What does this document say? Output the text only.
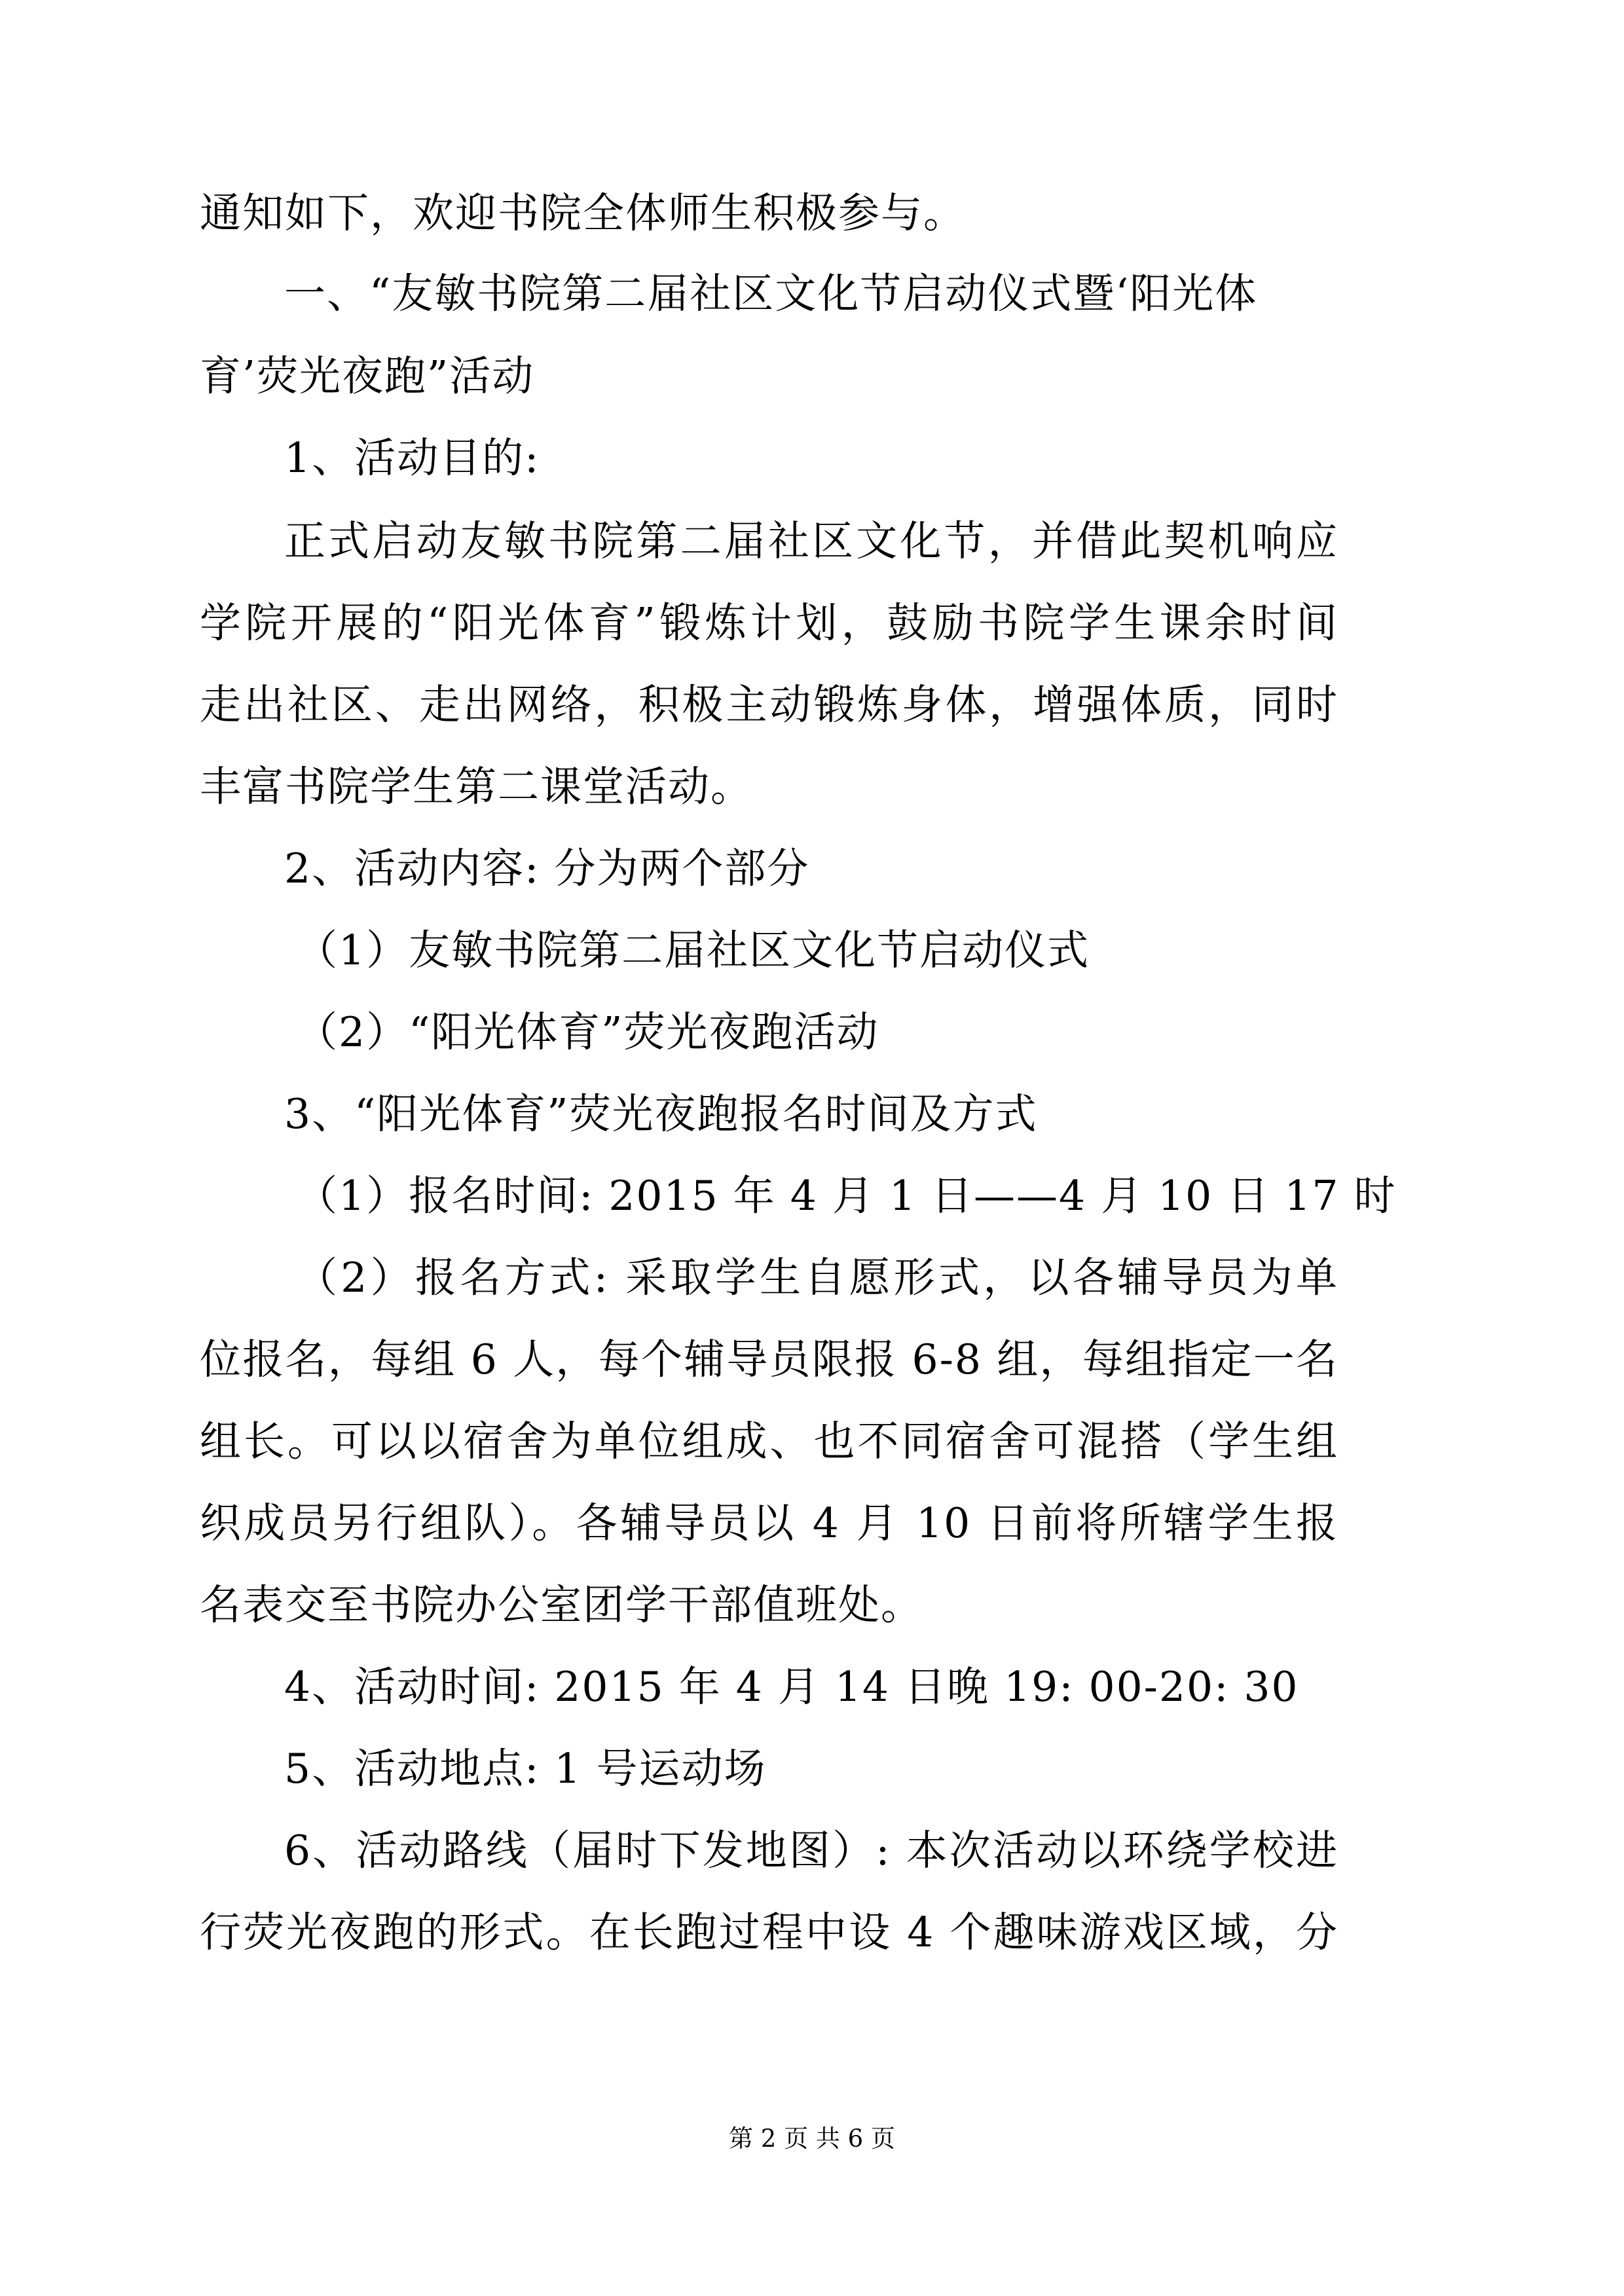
通知如下，欢迎书院全体师生积极参与。
一、“友敏书院第二届社区文化节启动仪式暨‘阳光体
育’荧光夜跑”活动
1、活动目的:
正式启动友敏书院第二届社区文化节，并借此契机响应
学院开展的“阳光体育”锻炼计划，鼓励书院学生课余时间
走出社区、走出网络，积极主动锻炼身体，增强体质，同时
丰富书院学生第二课堂活动。
2、活动内容: 分为两个部分
（1）友敏书院第二届社区文化节启动仪式
（2）“阳光体育”荧光夜跑活动
3、“阳光体育”荧光夜跑报名时间及方式
（1）报名时间: 2015 年 4 月 1 日——4 月 10 日 17 时
（2）报名方式: 采取学生自愿形式，以各辅导员为单
位报名，每组 6 人，每个辅导员限报 6-8 组，每组指定一名
组长。可以以宿舍为单位组成、也不同宿舍可混搭（学生组
织成员另行组队）。各辅导员以 4 月 10 日前将所辖学生报
名表交至书院办公室团学干部值班处。
4、活动时间: 2015 年 4 月 14 日晚 19: 00-20: 30
5、活动地点: 1 号运动场
6、活动路线（届时下发地图）: 本次活动以环绕学校进
行荧光夜跑的形式。在长跑过程中设 4 个趣味游戏区域，分
第 2 页 共 6 页
